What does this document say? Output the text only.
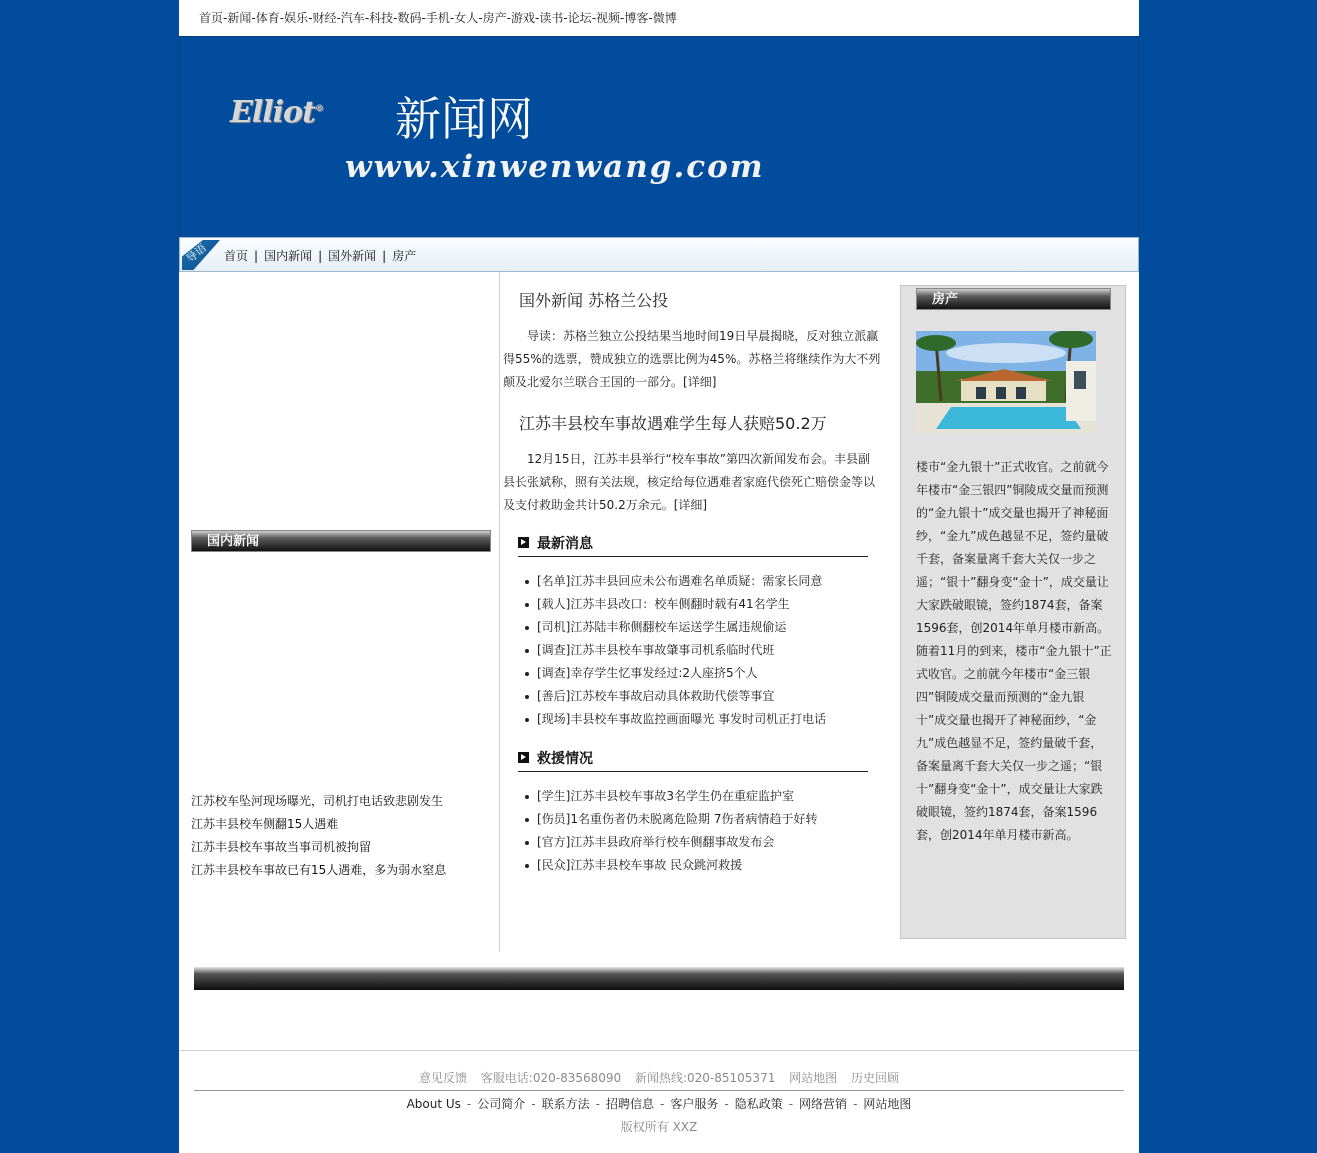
首页-新闻-体育-娱乐-财经-汽车-科技-数码-手机-女人-房产-游戏-读书-论坛-视频-博客-微博
Elliot® 新闻网
www.xinwenwang.com
导语 首页 | 国内新闻 | 国外新闻 | 房产
国内新闻
江苏校车坠河现场曝光，司机打电话致悲剧发生
江苏丰县校车侧翻15人遇难
江苏丰县校车事故当事司机被拘留
江苏丰县校车事故已有15人遇难，多为弱水窒息
国外新闻 苏格兰公投
导读：苏格兰独立公投结果当地时间19日早晨揭晓，反对独立派赢得55%的选票，赞成独立的选票比例为45%。苏格兰将继续作为大不列颠及北爱尔兰联合王国的一部分。[详细]
江苏丰县校车事故遇难学生每人获赔50.2万
12月15日，江苏丰县举行“校车事故”第四次新闻发布会。丰县副县长张斌称，照有关法规，核定给每位遇难者家庭代偿死亡赔偿金等以及支付救助金共计50.2万余元。[详细]
最新消息
[名单]江苏丰县回应未公布遇难名单质疑：需家长同意
[载人]江苏丰县改口：校车侧翻时载有41名学生
[司机]江苏陆丰称侧翻校车运送学生属违规偷运
[调查]江苏丰县校车事故肇事司机系临时代班
[调查]幸存学生忆事发经过:2人座挤5个人
[善后]江苏校车事故启动具体救助代偿等事宜
[现场]丰县校车事故监控画面曝光 事发时司机正打电话
救援情况
[学生]江苏丰县校车事故3名学生仍在重症监护室
[伤员]1名重伤者仍未脱离危险期 7伤者病情趋于好转
[官方]江苏丰县政府举行校车侧翻事故发布会
[民众]江苏丰县校车事故 民众跳河救援
房产
楼市“金九银十”正式收官。之前就今年楼市“金三银四”铜陵成交量而预测的“金九银十”成交量也揭开了神秘面纱，“金九”成色越显不足，签约量破千套，备案量离千套大关仅一步之遥；“银十”翻身变“金十”，成交量让大家跌破眼镜，签约1874套，备案1596套，创2014年单月楼市新高。
随着11月的到来，楼市“金九银十”正式收官。之前就今年楼市“金三银四”铜陵成交量而预测的“金九银十”成交量也揭开了神秘面纱，“金九”成色越显不足，签约量破千套，备案量离千套大关仅一步之遥；“银十”翻身变“金十”，成交量让大家跌破眼镜，签约1874套，备案1596套，创2014年单月楼市新高。
意见反馈 客服电话:020-83568090 新闻热线:020-85105371 网站地图 历史回顾
About Us - 公司简介 - 联系方法 - 招聘信息 - 客户服务 - 隐私政策 - 网络营销 - 网站地图
版权所有 XXZ
